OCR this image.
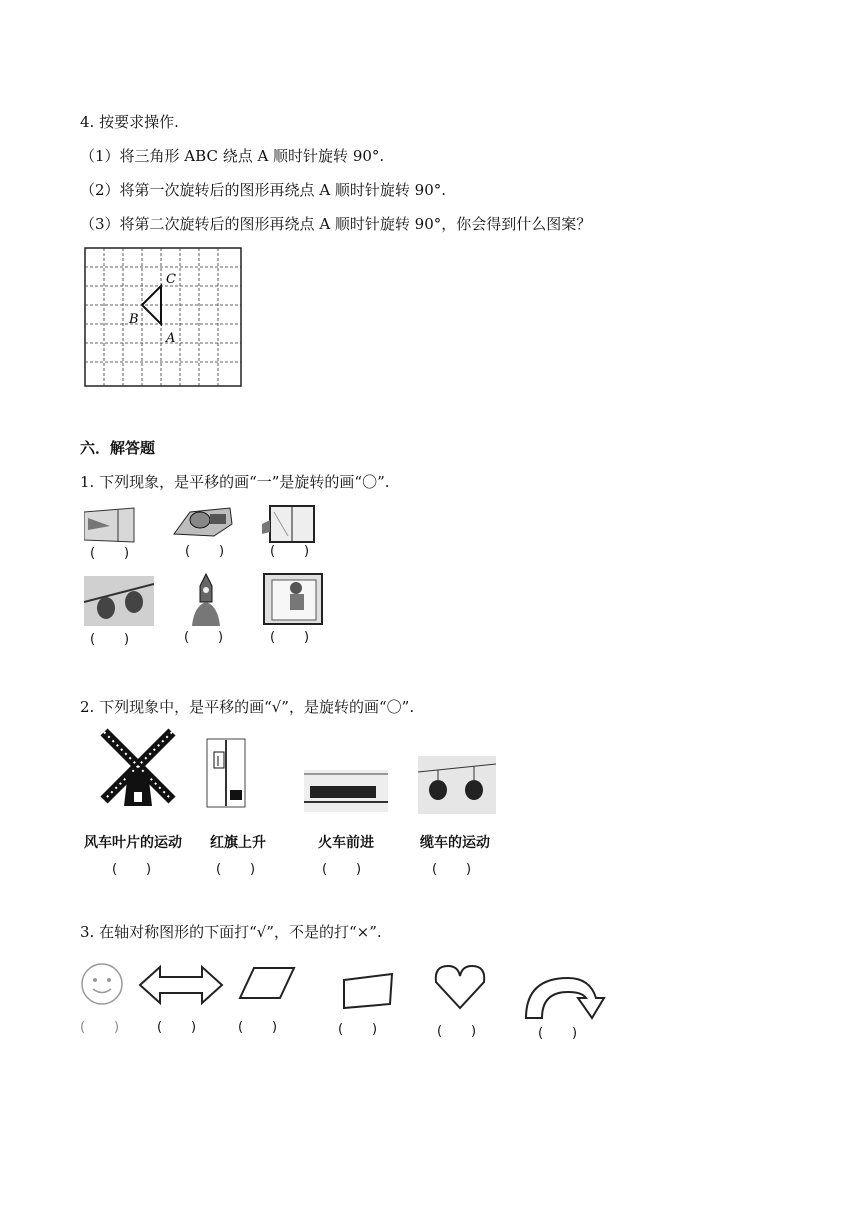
4. 按要求操作.
（1）将三角形 ABC 绕点 A 顺时针旋转 90°.
（2）将第一次旋转后的图形再绕点 A 顺时针旋转 90°.
（3）将第二次旋转后的图形再绕点 A 顺时针旋转 90°，你会得到什么图案？
C
B
A
六．解答题
1. 下列现象，是平移的画“一”是旋转的画“〇”.
(       )	(       )	(       )
(       )	(       )	(       )
2. 下列现象中，是平移的画“√”，是旋转的画“〇”.
风车叶片的运动 红旗上升	火车前进	缆车的运动
(       )	(       )	(       )	(       )
3. 在轴对称图形的下面打“√”，不是的打“×”.
(       )	(       )	(       )	(       )	(       )	(       )
